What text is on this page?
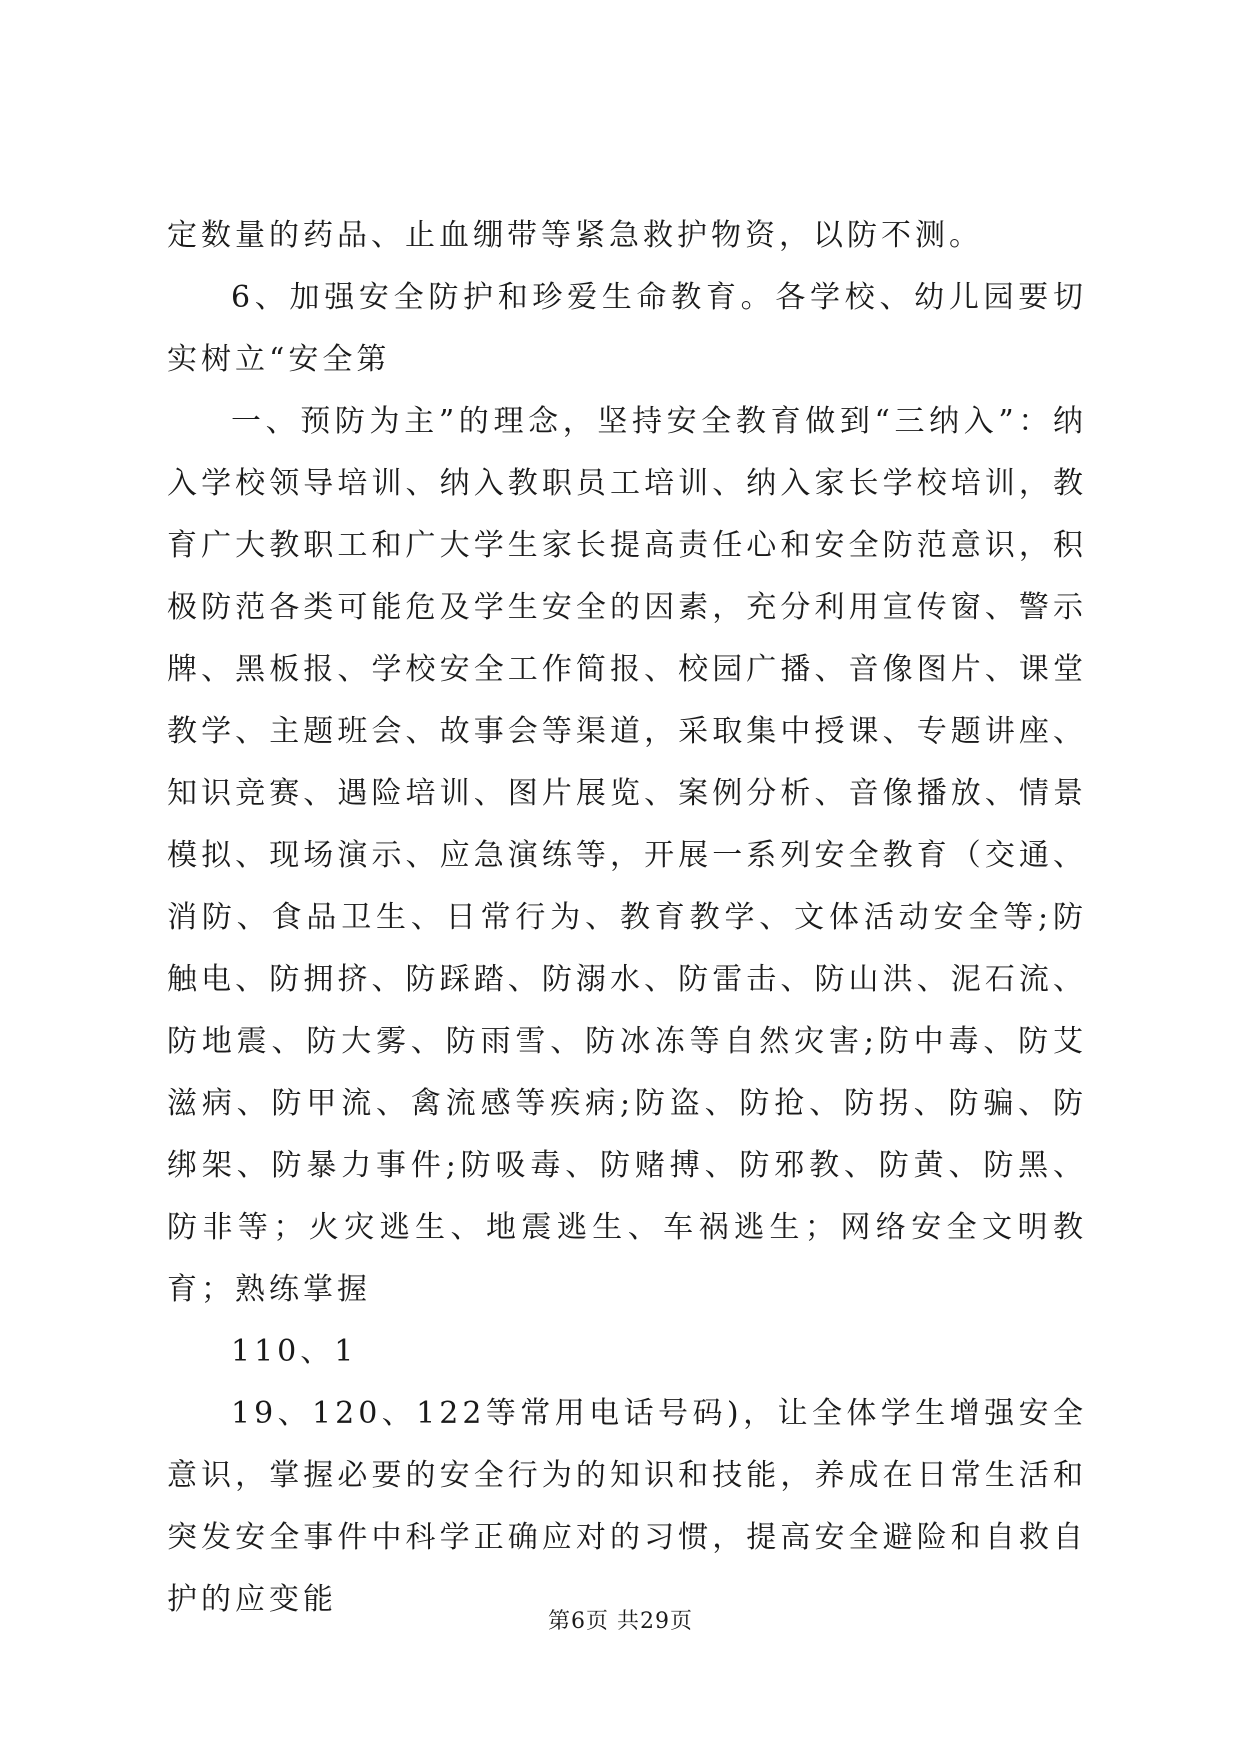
定数量的药品、止血绷带等紧急救护物资，以防不测。

6、加强安全防护和珍爱生命教育。各学校、幼儿园要切实树立“安全第

一、预防为主”的理念，坚持安全教育做到“三纳入”：纳入学校领导培训、纳入教职员工培训、纳入家长学校培训，教育广大教职工和广大学生家长提高责任心和安全防范意识，积极防范各类可能危及学生安全的因素，充分利用宣传窗、警示牌、黑板报、学校安全工作简报、校园广播、音像图片、课堂教学、主题班会、故事会等渠道，采取集中授课、专题讲座、知识竞赛、遇险培训、图片展览、案例分析、音像播放、情景模拟、现场演示、应急演练等，开展一系列安全教育（交通、消防、食品卫生、日常行为、教育教学、文体活动安全等;防触电、防拥挤、防踩踏、防溺水、防雷击、防山洪、泥石流、防地震、防大雾、防雨雪、防冰冻等自然灾害;防中毒、防艾滋病、防甲流、禽流感等疾病;防盗、防抢、防拐、防骗、防绑架、防暴力事件;防吸毒、防赌搏、防邪教、防黄、防黑、防非等；火灾逃生、地震逃生、车祸逃生；网络安全文明教育；熟练掌握

110、1

19、120、122等常用电话号码)，让全体学生增强安全意识，掌握必要的安全行为的知识和技能，养成在日常生活和突发安全事件中科学正确应对的习惯，提高安全避险和自救自护的应变能

第6页 共29页
